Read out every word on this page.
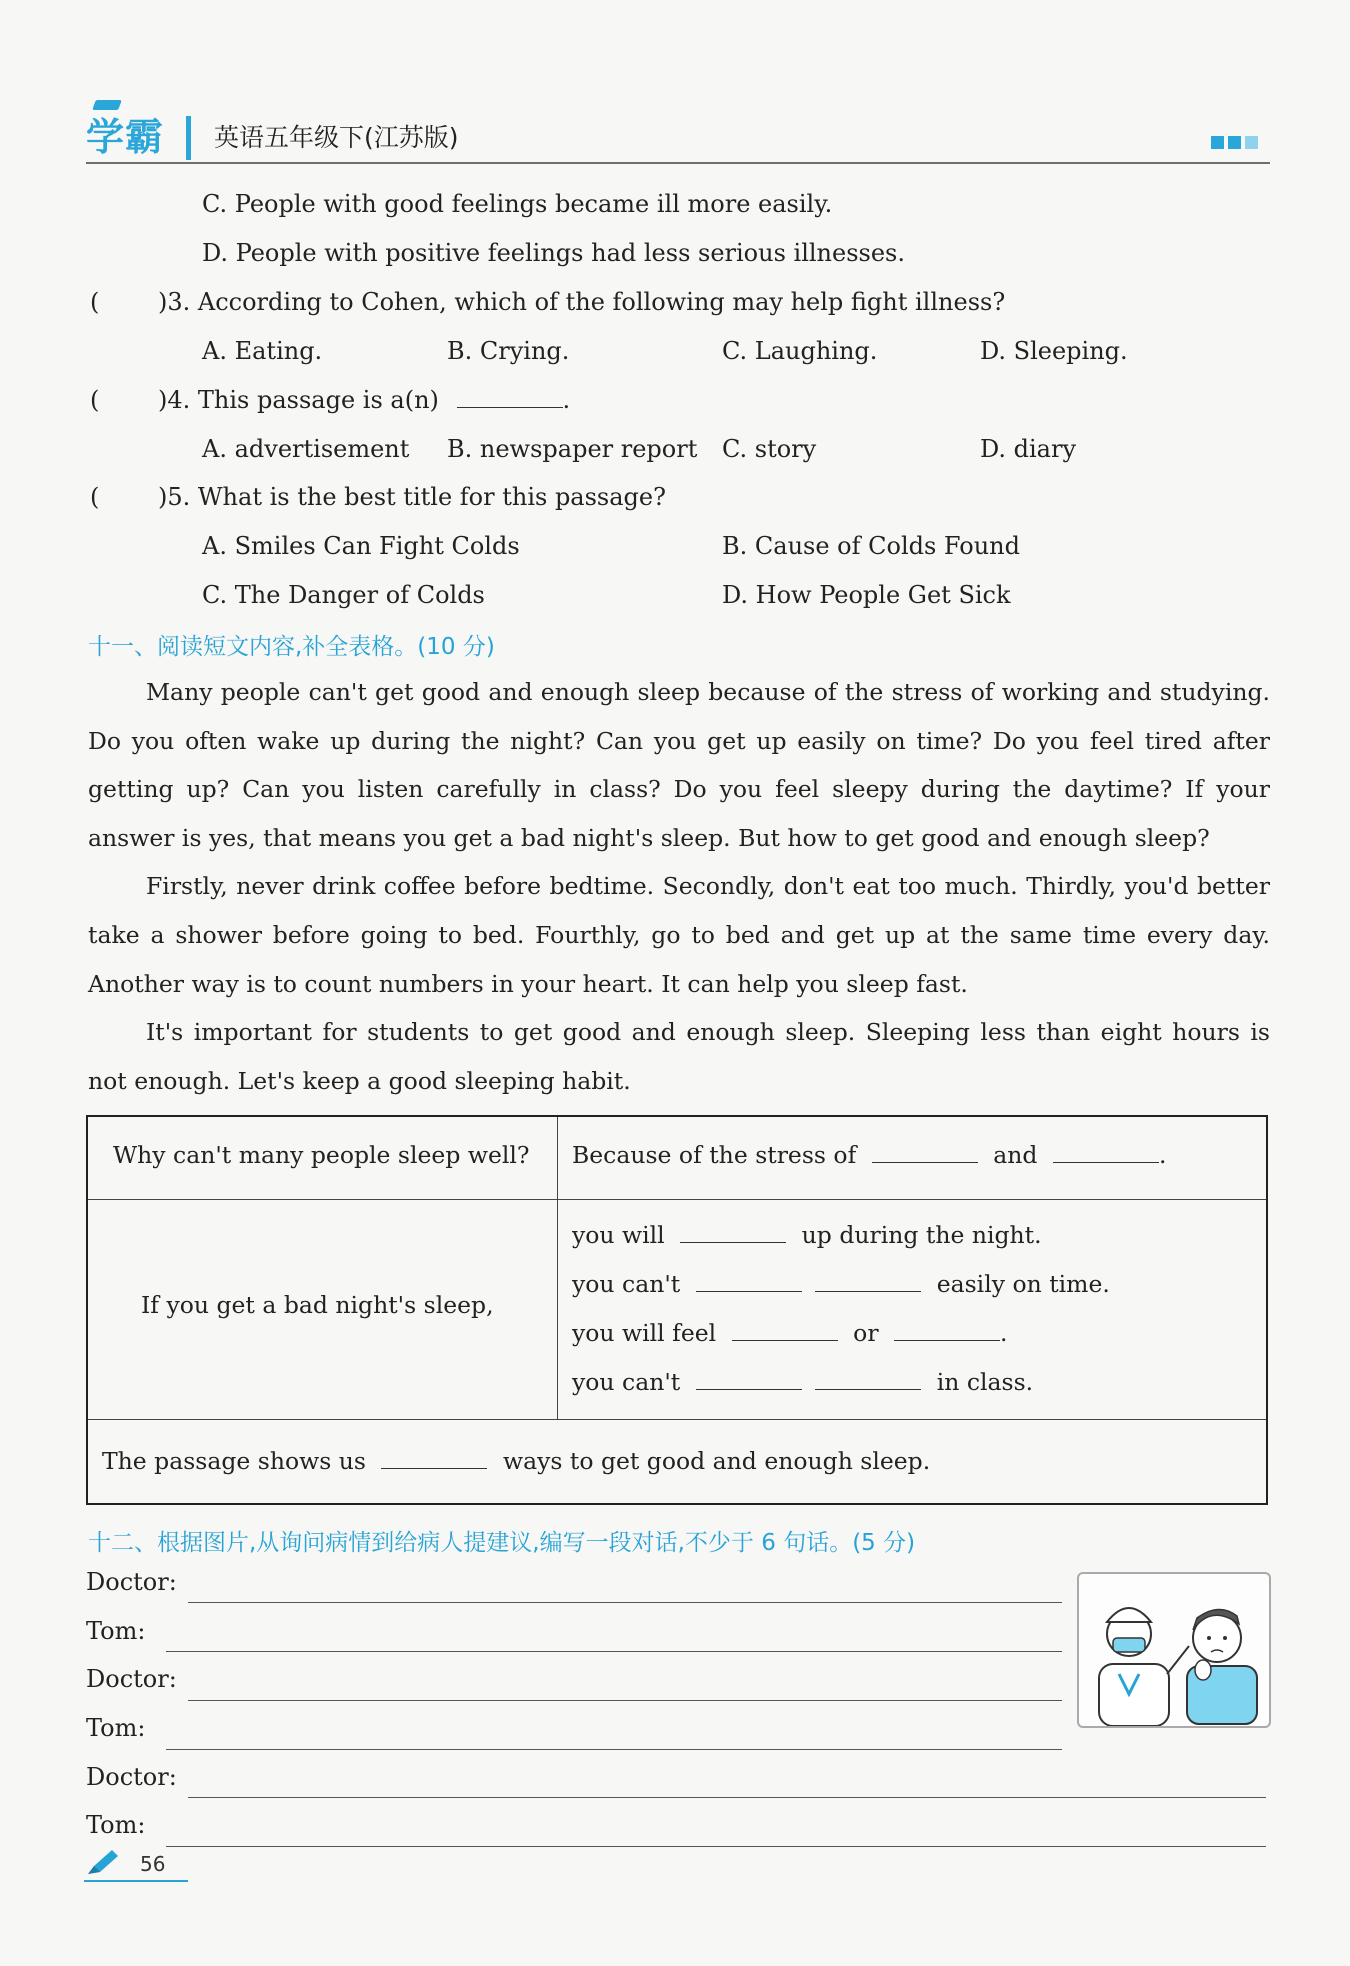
学霸	英语五年级下(江苏版)
C. People with good feelings became ill more easily.
D. People with positive feelings had less serious illnesses.
( )3. According to Cohen, which of the following may help fight illness?
A. Eating.	B. Crying.	C. Laughing.	D. Sleeping.
( )4. This passage is a(n)	.
A. advertisement B. newspaper report C. story	D. diary
( )5. What is the best title for this passage?
A. Smiles Can Fight Colds	B. Cause of Colds Found
C. The Danger of Colds	D. How People Get Sick
十一、阅读短文内容,补全表格。(10 分)

Many people can't get good and enough sleep because of the stress of working and studying. Do you often wake up during the night? Can you get up easily on time? Do you feel tired after getting up? Can you listen carefully in class? Do you feel sleepy during the daytime? If your answer is yes, that means you get a bad night's sleep. But how to get good and enough sleep?

Firstly, never drink coffee before bedtime. Secondly, don't eat too much. Thirdly, you'd better take a shower before going to bed. Fourthly, go to bed and get up at the same time every day. Another way is to count numbers in your heart. It can help you sleep fast.

It's important for students to get good and enough sleep. Sleeping less than eight hours is not enough. Let's keep a good sleeping habit.

Why can't many people sleep well? Because of the stress of	and	.
If you get a bad night's sleep,
you will	up during the night.
you can't	easily on time.
you will feel	or	.
you can't	in class.
The passage shows us	ways to get good and enough sleep.
十二、根据图片,从询问病情到给病人提建议,编写一段对话,不少于 6 句话。(5 分)
Doctor:
Tom:
Doctor:
Tom:
Doctor:
Tom:
56
